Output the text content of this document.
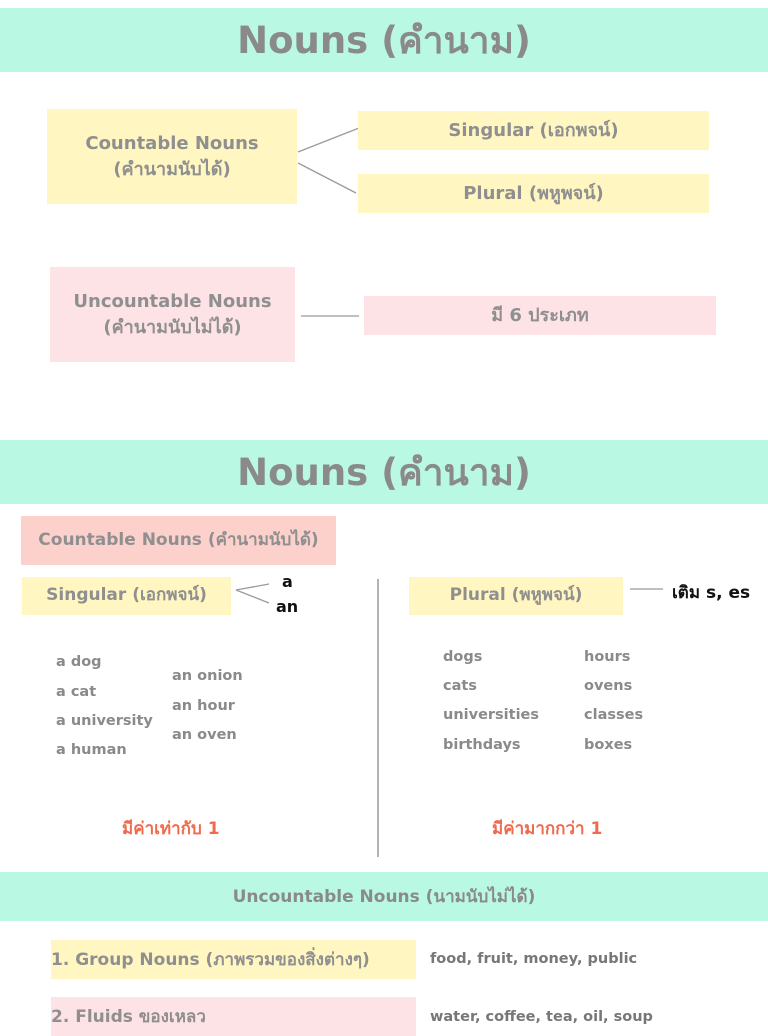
Nouns (คำนาม)
Countable Nouns
(คำนามนับได้)
Singular (เอกพจน์)
Plural (พหูพจน์)
Uncountable Nouns
(คำนามนับไม่ได้)
มี 6 ประเภท
Nouns (คำนาม)
Countable Nouns (คำนามนับได้)
Singular (เอกพจน์)
a
an
Plural (พหูพจน์)	เติม s, es
a dog
a cat
a university
a human
an onion
an hour
an oven
dogs
cats
universities
birthdays
hours
ovens
classes
boxes
มีค่าเท่ากับ 1	มีค่ามากกว่า 1
Uncountable Nouns (นามนับไม่ได้)
1. Group Nouns (ภาพรวมของสิ่งต่างๆ)	food, fruit, money, public
2. Fluids ของเหลว	water, coffee, tea, oil, soup
